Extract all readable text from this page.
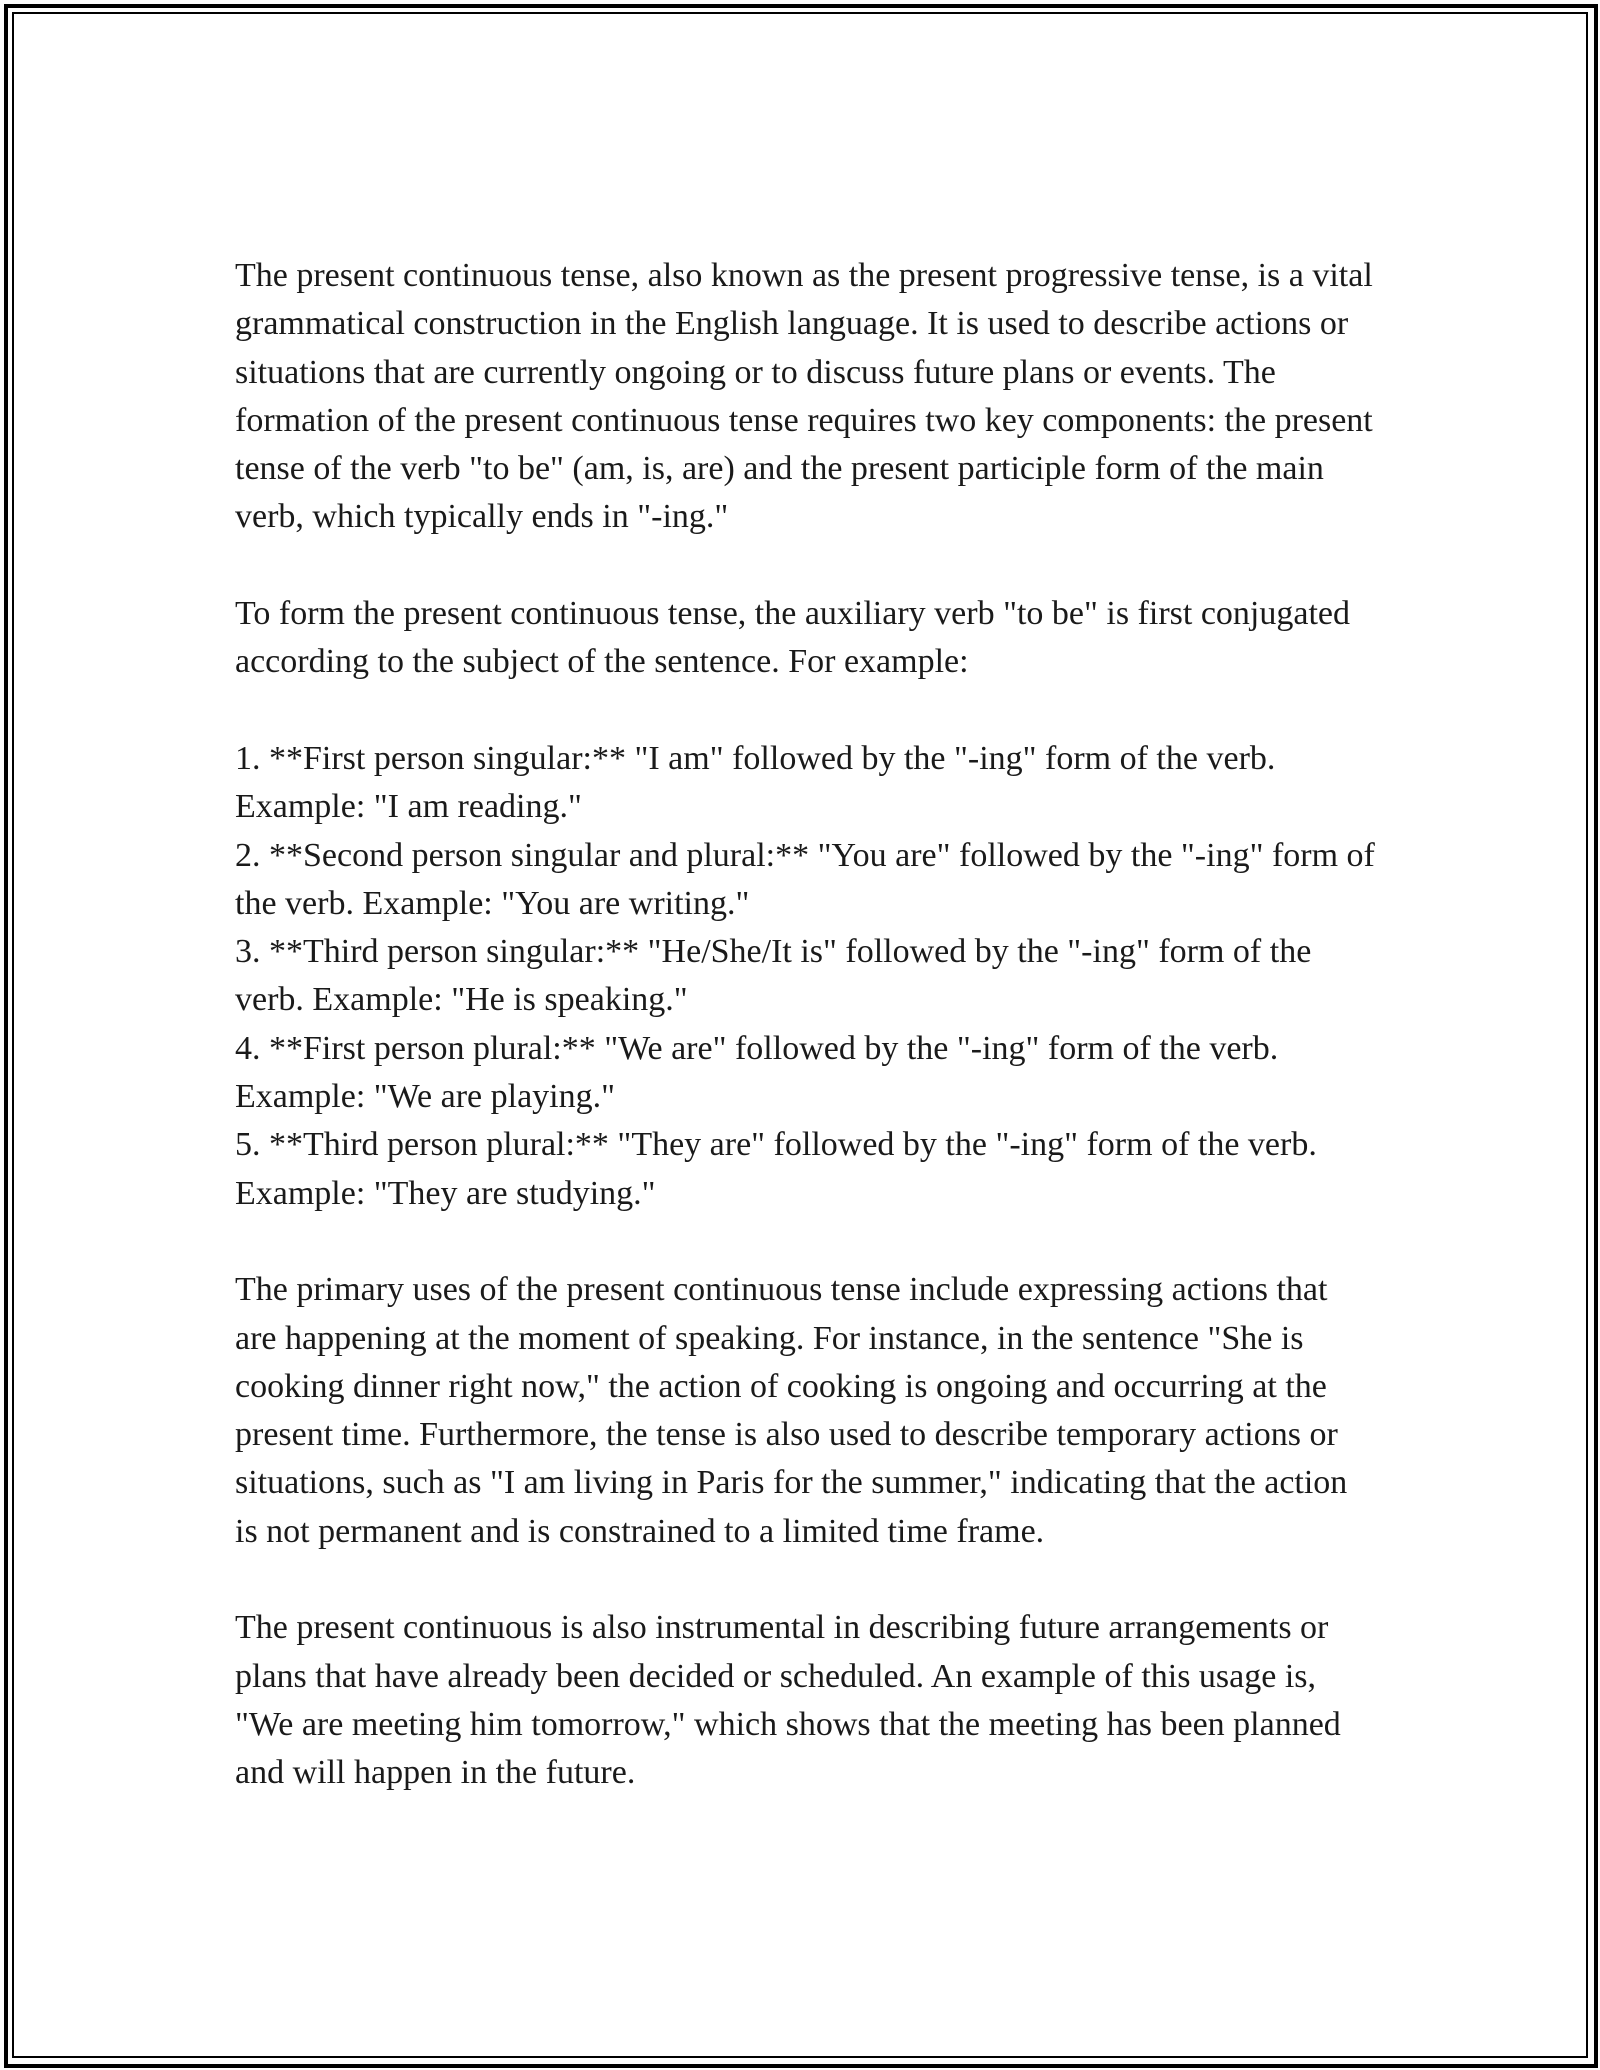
The present continuous tense, also known as the present progressive tense, is a vital grammatical construction in the English language. It is used to describe actions or situations that are currently ongoing or to discuss future plans or events. The formation of the present continuous tense requires two key components: the present tense of the verb "to be" (am, is, are) and the present participle form of the main verb, which typically ends in "-ing."

To form the present continuous tense, the auxiliary verb "to be" is first conjugated according to the subject of the sentence. For example:

1. **First person singular:** "I am" followed by the "-ing" form of the verb. Example: "I am reading."
2. **Second person singular and plural:** "You are" followed by the "-ing" form of the verb. Example: "You are writing."
3. **Third person singular:** "He/She/It is" followed by the "-ing" form of the verb. Example: "He is speaking."
4. **First person plural:** "We are" followed by the "-ing" form of the verb. Example: "We are playing."
5. **Third person plural:** "They are" followed by the "-ing" form of the verb. Example: "They are studying."

The primary uses of the present continuous tense include expressing actions that are happening at the moment of speaking. For instance, in the sentence "She is cooking dinner right now," the action of cooking is ongoing and occurring at the present time. Furthermore, the tense is also used to describe temporary actions or situations, such as "I am living in Paris for the summer," indicating that the action is not permanent and is constrained to a limited time frame.

The present continuous is also instrumental in describing future arrangements or plans that have already been decided or scheduled. An example of this usage is, "We are meeting him tomorrow," which shows that the meeting has been planned and will happen in the future.
